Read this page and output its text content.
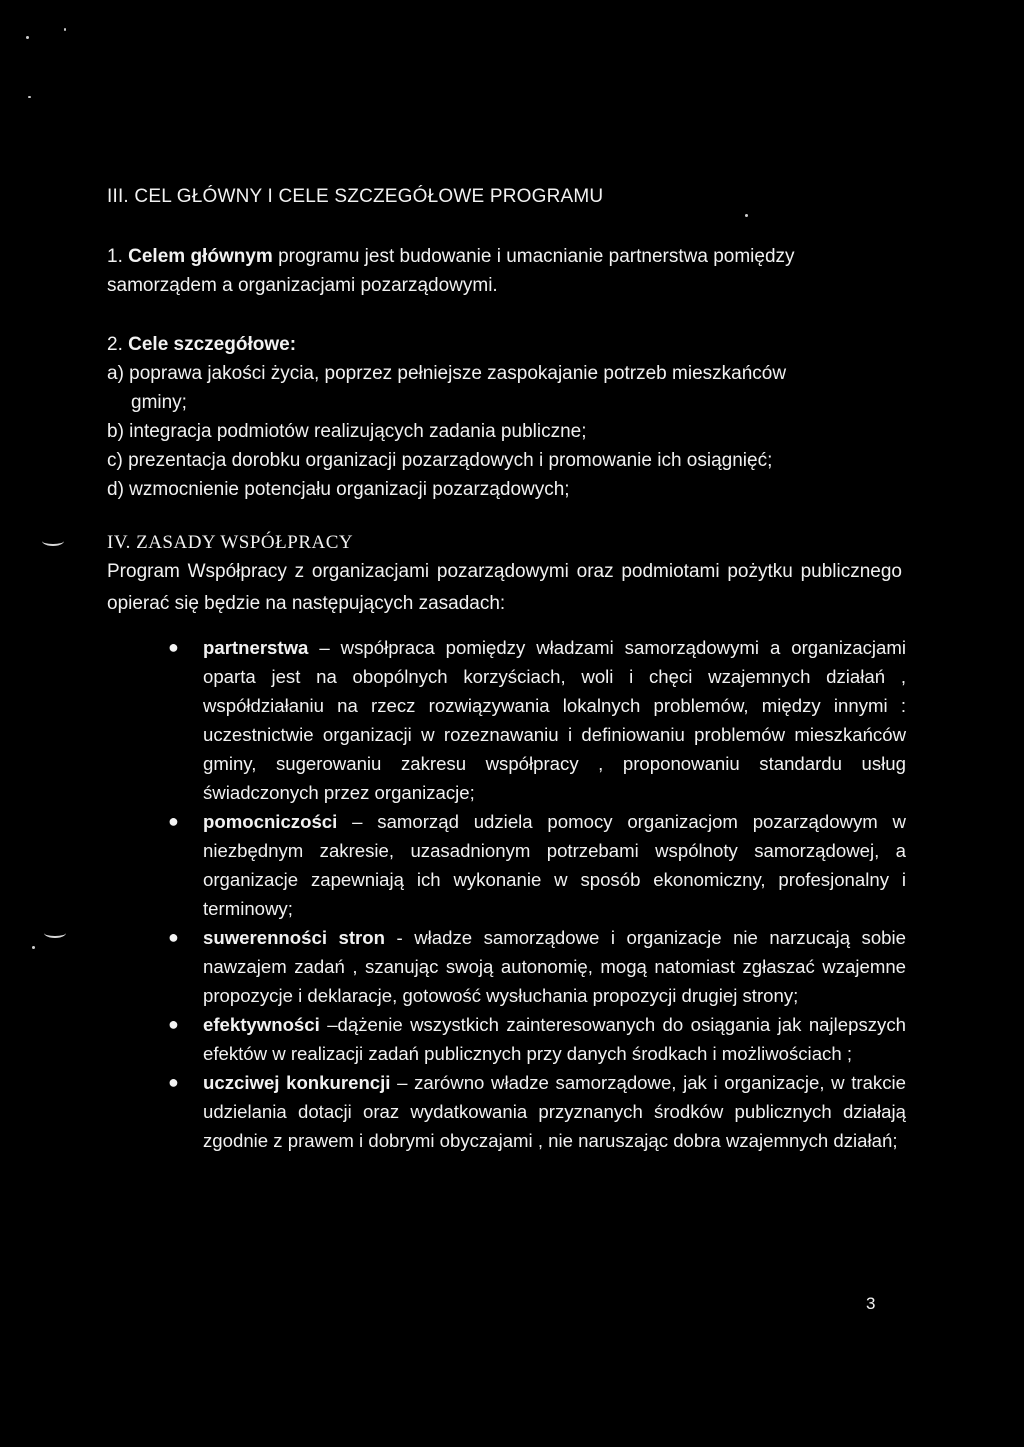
III. CEL GŁÓWNY I CELE SZCZEGÓŁOWE PROGRAMU
1. Celem głównym programu jest budowanie i umacnianie partnerstwa pomiędzy samorządem a organizacjami pozarządowymi.
2. Cele szczegółowe:
a) poprawa jakości życia, poprzez pełniejsze zaspokajanie potrzeb mieszkańców
gminy;
b) integracja podmiotów realizujących zadania publiczne;
c) prezentacja dorobku organizacji pozarządowych i promowanie ich osiągnięć;
d) wzmocnienie potencjału organizacji pozarządowych;
IV. ZASADY WSPÓŁPRACY
Program Współpracy z organizacjami pozarządowymi oraz podmiotami pożytku publicznego opierać się będzie na następujących zasadach:
● partnerstwa – współpraca pomiędzy władzami samorządowymi a organizacjami oparta jest na obopólnych korzyściach, woli i chęci wzajemnych działań , współdziałaniu na rzecz rozwiązywania lokalnych problemów, między innymi : uczestnictwie organizacji w rozeznawaniu i definiowaniu problemów mieszkańców gminy, sugerowaniu zakresu współpracy , proponowaniu standardu usług świadczonych przez organizacje;
● pomocniczości – samorząd udziela pomocy organizacjom pozarządowym w niezbędnym zakresie, uzasadnionym potrzebami wspólnoty samorządowej, a organizacje zapewniają ich wykonanie w sposób ekonomiczny, profesjonalny i terminowy;
● suwerenności stron - władze samorządowe i organizacje nie narzucają sobie nawzajem zadań , szanując swoją autonomię, mogą natomiast zgłaszać wzajemne propozycje i deklaracje, gotowość wysłuchania propozycji drugiej strony;
● efektywności –dążenie wszystkich zainteresowanych do osiągania jak najlepszych efektów w realizacji zadań publicznych przy danych środkach i możliwościach ;
● uczciwej konkurencji – zarówno władze samorządowe, jak i organizacje, w trakcie udzielania dotacji oraz wydatkowania przyznanych środków publicznych działają zgodnie z prawem i dobrymi obyczajami , nie naruszając dobra wzajemnych działań;
3
